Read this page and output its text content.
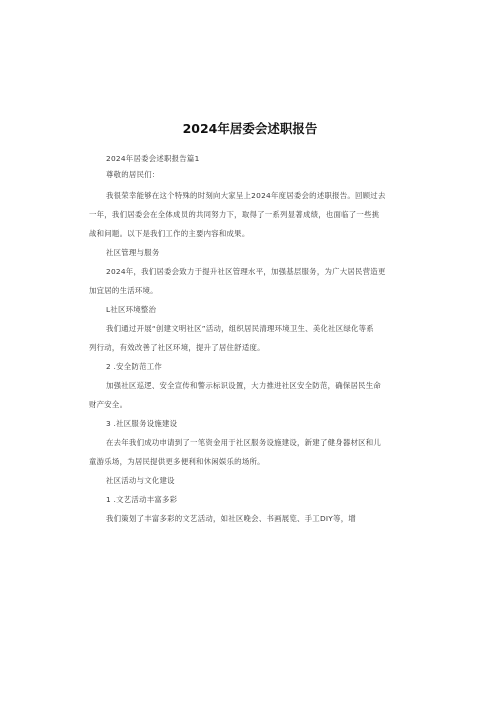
2024年居委会述职报告
2024年居委会述职报告篇1
尊敬的居民们：
我很荣幸能够在这个特殊的时刻向大家呈上2024年度居委会的述职报告。回顾过去
一年，我们居委会在全体成员的共同努力下，取得了一系列显著成绩，也面临了一些挑
战和问题。以下是我们工作的主要内容和成果。
社区管理与服务
2024年，我们居委会致力于提升社区管理水平，加强基层服务，为广大居民营造更
加宜居的生活环境。
L社区环境整治
我们通过开展“创建文明社区”活动，组织居民清理环境卫生、美化社区绿化等系
列行动，有效改善了社区环境，提升了居住舒适度。
2 .安全防范工作
加强社区巡逻、安全宣传和警示标识设置，大力推进社区安全防范，确保居民生命
财产安全。
3 .社区服务设施建设
在去年我们成功申请到了一笔资金用于社区服务设施建设，新建了健身器材区和儿
童游乐场，为居民提供更多便利和休闲娱乐的场所。
社区活动与文化建设
1 .文艺活动丰富多彩
我们策划了丰富多彩的文艺活动，如社区晚会、书画展览、手工DIY等，增
